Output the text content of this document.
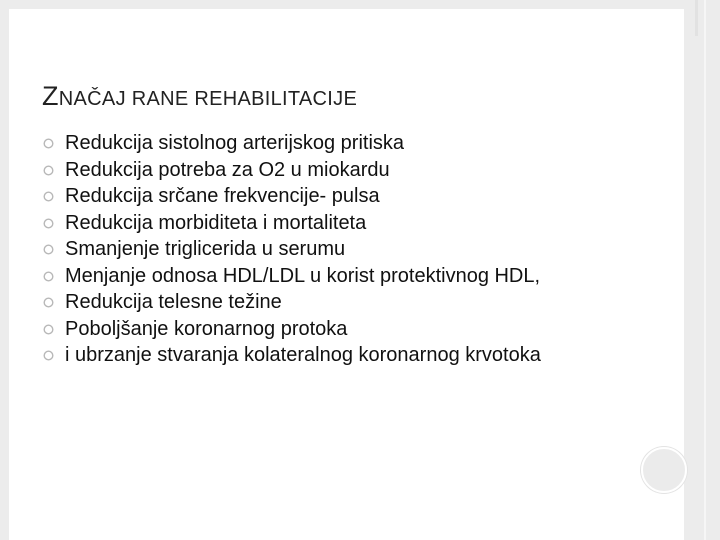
ZNAČAJ RANE REHABILITACIJE
Redukcija sistolnog arterijskog pritiska
Redukcija potreba za O2 u miokardu
Redukcija srčane frekvencije- pulsa
Redukcija morbiditeta i mortaliteta
Smanjenje triglicerida u serumu
Menjanje odnosa HDL/LDL u korist protektivnog HDL,
Redukcija telesne težine
Poboljšanje koronarnog protoka
i ubrzanje stvaranja kolateralnog koronarnog krvotoka
